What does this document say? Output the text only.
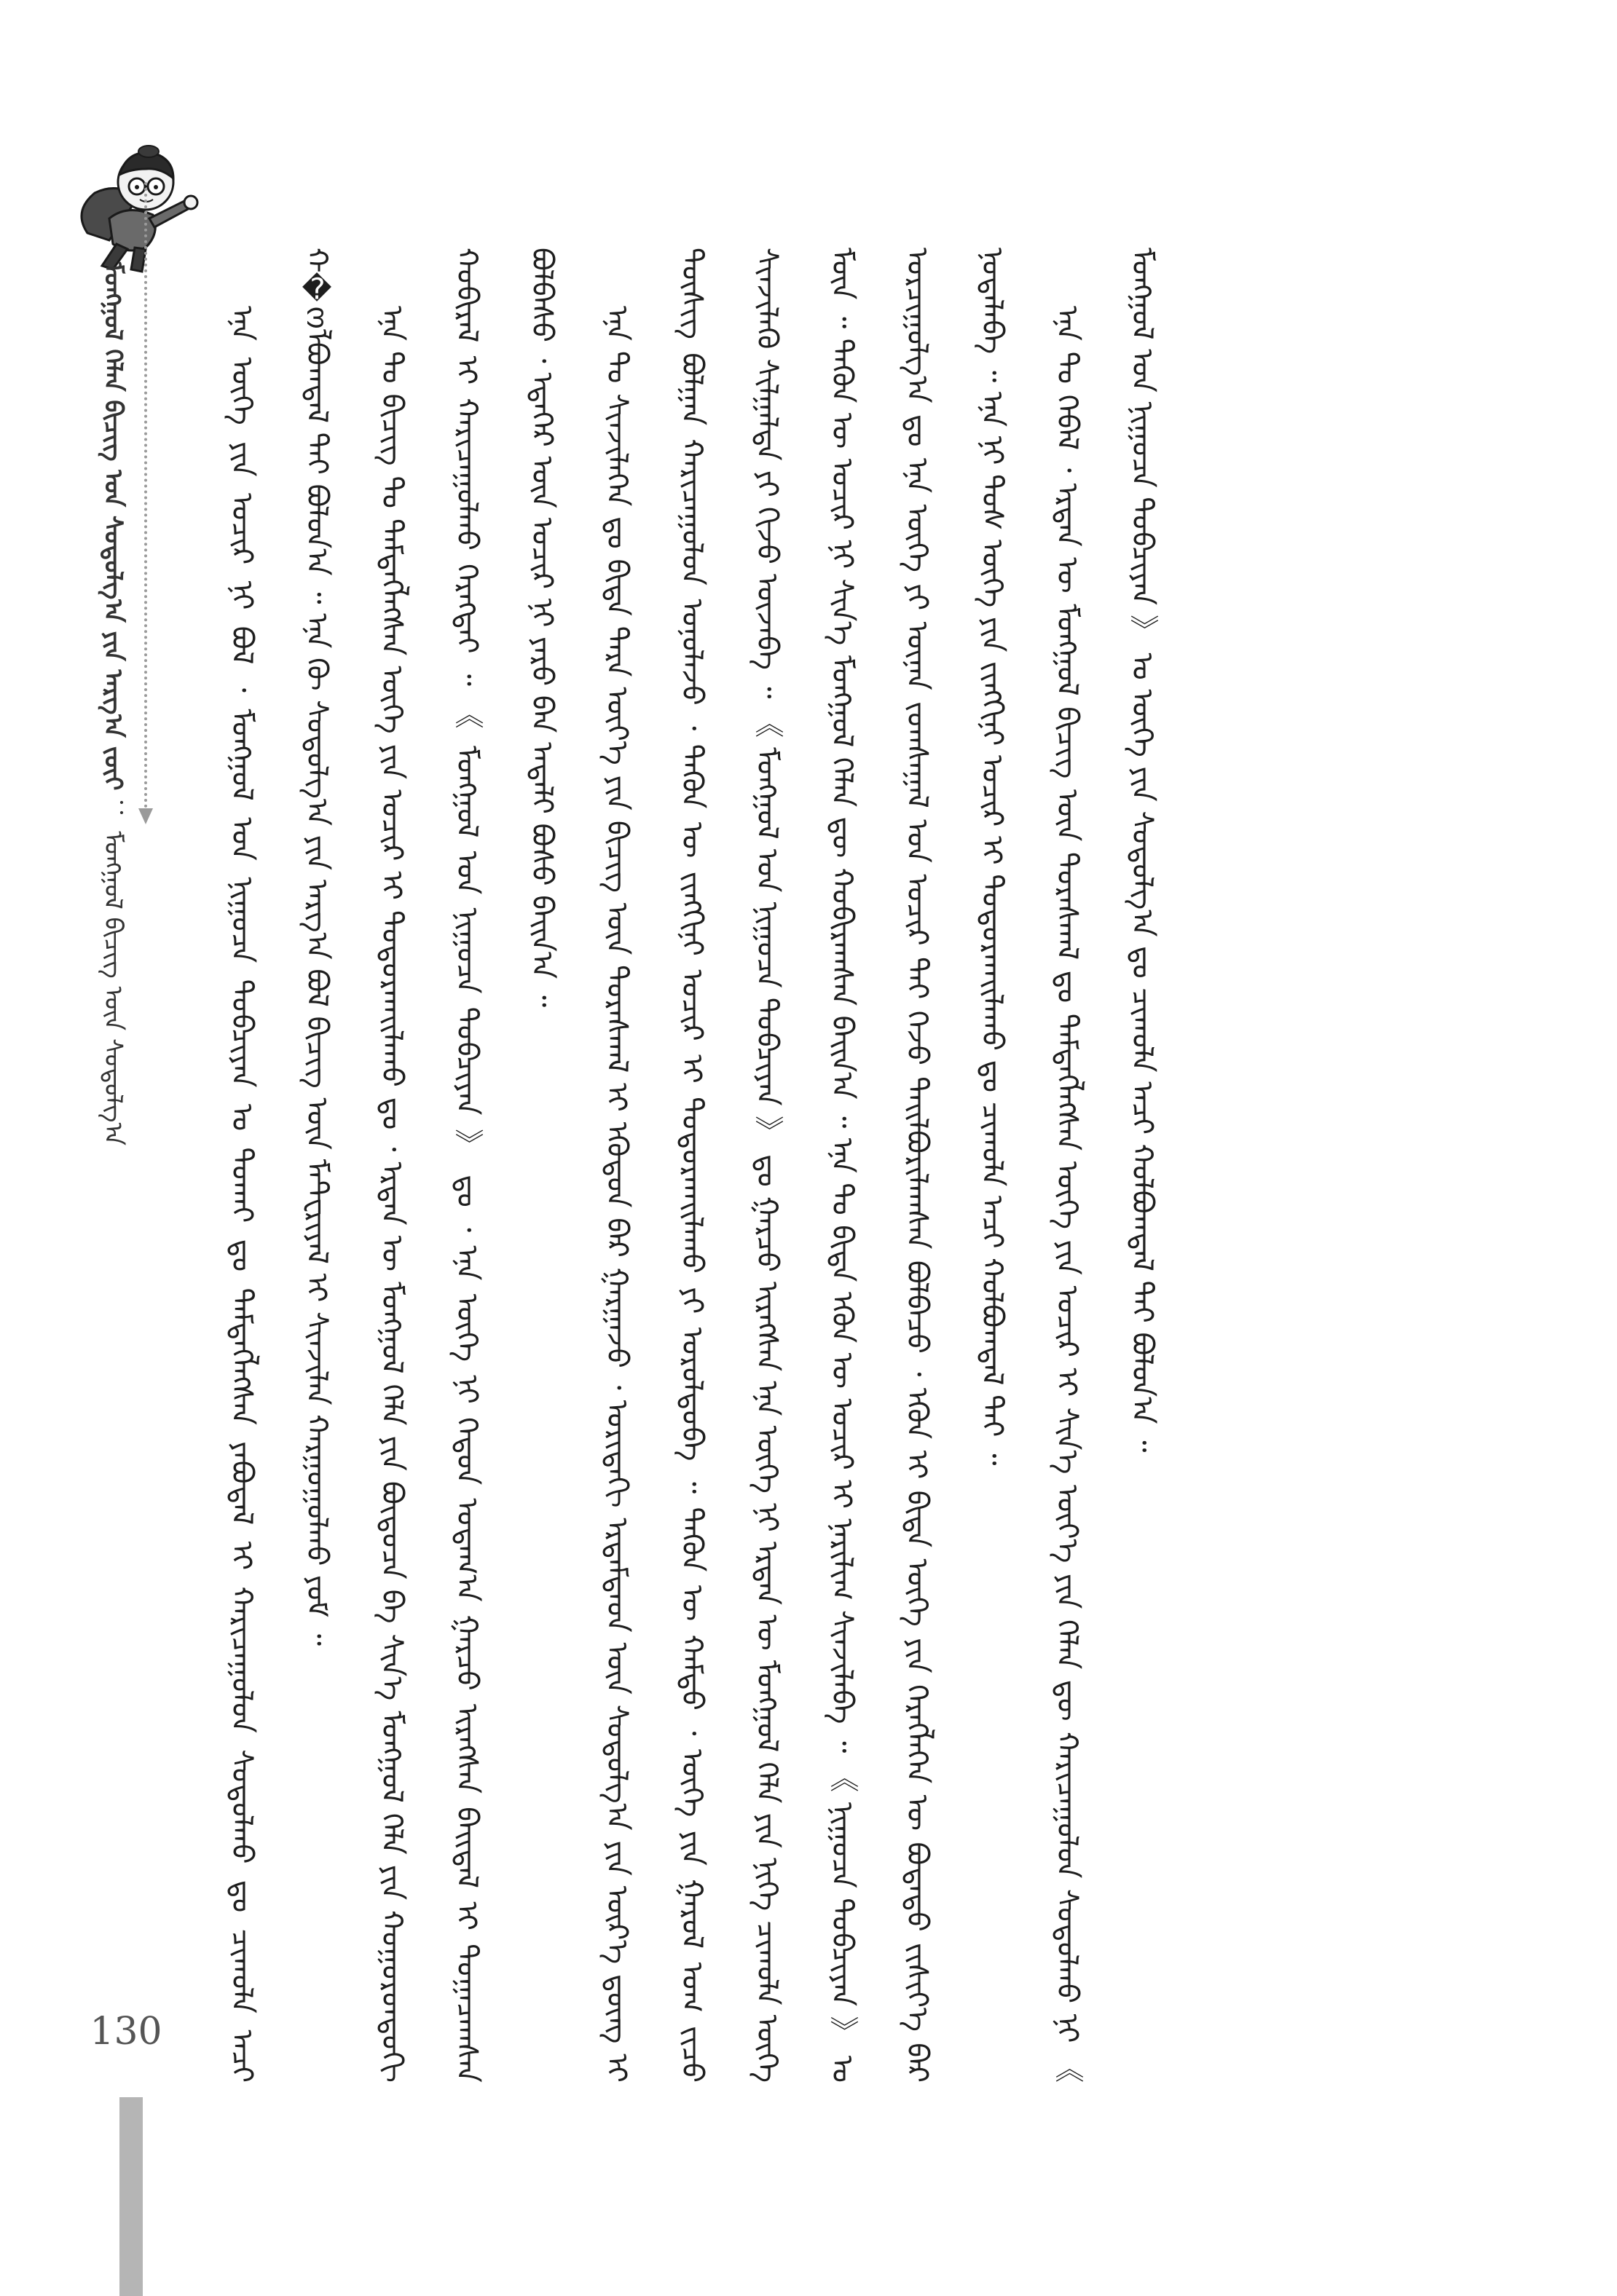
ᠮᠣᠩᠭᠣᠯ ᠬᠡᠯᠡᠨ ᠪᠢᠴᠢᠭ ᠤᠨ ᠰᠤᠳᠤᠯᠭ᠎ᠠ ᠶᠢᠨ ᠠᠷᠭ᠎ᠠ ᠵᠦᠢ ： ᠮᠣᠩᠭᠣᠯ ᠪᠢᠴᠢᠭ ᠦᠨ ᠰᠤᠳᠤᠯᠭ᠎ᠠ	ᠡᠨᠡ ᠦᠭᠡ ᠶᠢᠨ ᠤᠴᠢᠷ ᠨᠢ ᠪᠣᠯ ᠂ ᠮᠣᠩᠭᠣᠯ ᠤᠨ ᠨᠢᠭᠤᠴᠠ ᠲᠣᠪᠴᠢᠶᠠᠨ ᠤ ᠲᠤᠬᠠᠢ ᠳᠤ ᠲᠡᠮᠳᠡᠭᠯᠡᠭᠰᠡᠨ ᠶᠠᠪᠤᠳᠠᠯ ᠢ ᠬᠠᠷᠢᠴᠠᠭᠤᠯᠤᠨ ᠰᠤᠳᠤᠯᠬᠤ ᠳᠤ ᠴᠢᠬᠤᠯᠠ ᠠᠴᠢ ᠬ�ოᠯᠪᠣᠭᠳᠠᠯ ᠲᠠᠢ ᠪᠣᠯᠤᠨ᠎ᠠ ᠃ ᠡᠨᠡ ᠬᠦ ᠰᠤᠳᠤᠯᠭ᠎ᠠ ᠶᠢᠨ ᠠᠷᠭ᠎ᠠ ᠪᠣᠯ ᠪᠢᠴᠢᠭ ᠦᠨ ᠮᠠᠲ᠋ᠧᠷᠢᠶᠠᠯ ᠢ ᠰᠢᠨᠵᠢᠯᠡᠨ ᠬᠠᠷᠭᠤᠭᠤᠯᠬᠤ ᠶᠤᠮ ᠃	ᠡᠨᠡ ᠲᠤ ᠪᠢᠴᠢᠭ ᠲᠤ ᠲᠡᠮᠳᠡᠭᠯᠡᠭᠰᠡᠨ ᠦᠭᠡ ᠶᠢᠨ ᠤᠴᠢᠷ ᠢ ᠲᠣᠳᠤᠷᠬᠠᠢᠯᠠᠬᠤ ᠳᠤ ᠂ ᠡᠷᠲᠡᠨ ᠦ ᠮᠣᠩᠭᠣᠯ ᠬᠡᠯᠡ ᠶᠢᠨ ᠪᠦᠲᠦᠴᠡ ᠪᠠ ᠰᠢᠨ᠎ᠡ ᠮᠣᠩᠭᠣᠯ ᠬᠡᠯᠡ ᠶᠢᠨ ᠬᠣᠭᠣᠷᠤᠨᠳᠤᠬᠢ ᠬᠤᠪᠢᠷᠠᠯ ᠢ ᠬᠠᠷᠢᠴᠠᠭᠤᠯᠬᠤ ᠬᠡᠷᠡᠭᠲᠡᠢ ᠃ 《 ᠮᠣᠩᠭᠣᠯ ᠤᠨ ᠨᠢᠭᠤᠴᠠ ᠲᠣᠪᠴᠢᠶᠠᠨ 》 ᠳᠤ ᠂ ᠡᠨᠡ ᠦᠭᠡ ᠨᠢ ᠬᠡᠳᠦᠨ ᠤᠳᠠᠭ᠎ᠠ ᠭᠠᠷᠴᠤ ᠢᠷᠡᠭᠰᠡᠨ ᠪᠠᠢᠳᠠᠯ ᠢ ᠲᠣᠭᠠᠴᠠᠭᠰᠠᠨ ᠪᠣᠯᠪᠠᠰᠤ ᠂ ᠡᠳᠡᠭᠡᠷ ᠦᠨ ᠤᠴᠢᠷ ᠨᠢ ᠶᠡᠷᠦ ᠪᠡᠨ ᠠᠳᠠᠯᠢ ᠪᠤᠰᠤ ᠪᠠᠢᠨ᠎ᠠ ᠃	ᠡᠨᠡ ᠲᠤ ᠰᠢᠨᠵᠢᠯᠡᠭᠡᠨ ᠳᠤ ᠪᠢᠳᠡ ᠲᠡᠷᠡ ᠦᠶ᠎ᠡ ᠶᠢᠨ ᠪᠢᠴᠢᠭ ᠦᠨ ᠳᠤᠷᠠᠰᠬᠠᠯ ᠢ ᠡᠭᠦᠳᠦᠨ ᠪᠡᠷ ᠭᠠᠷᠭᠠᠵᠤ ᠂ ᠤᠷᠢᠳᠠᠬᠢ ᠡᠷᠳᠡᠮᠲᠡᠳ ᠦᠨ ᠰᠤᠳᠤᠯᠭ᠎ᠠ ᠶᠢᠨ ᠦᠷ᠎ᠡ ᠳ᠋ᠦᠩ ᠢ ᠲᠦᠰᠢᠭ ᠪᠣᠯᠭᠠᠨ ᠬᠠᠷᠢᠴᠠᠭᠤᠯᠤᠨ ᠣᠨᠣᠯᠠᠵᠤ ᠂ ᠲᠡᠭᠦᠨ ᠦ ᠵᠢᠩᠬᠢᠨᠢ ᠤᠴᠢᠷ ᠢ ᠲᠣᠳᠤᠷᠬᠠᠢᠯᠠᠬᠤ ᠶᠢ ᠣᠷᠣᠯᠳᠤᠪᠠ ᠃ ᠲᠡᠭᠦᠨ ᠦ ᠬᠠᠮᠲᠤ ᠂ ᠦᠭᠡ ᠶᠢᠨ ᠭᠠᠷᠤᠯ ᠤᠭ ᠵᠢᠴᠤ ᠰᠢᠨᠵᠢᠯᠡᠬᠦ ᠰᠢᠯᠭᠠᠯᠲᠠ ᠶᠢ ᠬᠢᠵᠦ ᠦᠵᠡᠪᠡ ᠃ 《 ᠮᠣᠩᠭᠣᠯ ᠤᠨ ᠨᠢᠭᠤᠴᠠ ᠲᠣᠪᠴᠢᠶᠠᠨ 》 ᠳᠤ ᠭᠠᠷᠴᠤ ᠢᠷᠡᠭᠰᠡᠨ ᠡᠨᠡ ᠦᠭᠡ ᠨᠢ ᠡᠷᠲᠡᠨ ᠦ ᠮᠣᠩᠭᠣᠯ ᠬᠡᠯᠡ ᠶᠢᠨ ᠨᠢᠭᠡ ᠴᠢᠬᠤᠯᠠ ᠦᠭᠡ ᠮᠥᠨ ᠃ ᠲᠡᠭᠦᠨ ᠦ ᠤᠴᠢᠷ ᠨᠢ ᠰᠢᠨ᠎ᠡ ᠮᠣᠩᠭᠣᠯ ᠬᠡᠯᠡᠨ ᠳᠦ ᠬᠤᠪᠢᠷᠠᠭᠰᠠᠨ ᠪᠠᠢᠨ᠎ᠠ ᠃ ᠡᠨᠡ ᠲᠤ ᠪᠢᠳᠡ ᠡᠭᠦᠨ ᠦ ᠤᠴᠢᠷ ᠢ ᠨᠠᠷᠢᠯᠢᠭ ᠰᠢᠨᠵᠢᠯᠡᠪᠡ ᠃ 《 ᠨᠢᠭᠤᠴᠠ ᠲᠣᠪᠴᠢᠶᠠᠨ 》 ᠤ ᠣᠷᠴᠢᠭᠤᠯᠭ᠎ᠠ ᠳᠤ ᠡᠨᠡ ᠦᠭᠡ ᠶᠢ ᠦᠨᠡᠨ ᠵᠣᠭᠰᠠᠭᠠᠯ ᠤᠨ ᠤᠴᠢᠷ ᠲᠠᠢ ᠭᠡᠵᠦ ᠲᠠᠢᠯᠪᠤᠷᠢᠯᠠᠭᠰᠠᠨ ᠪᠣᠯᠪᠠᠴᠤ ᠂ ᠡᠭᠦᠨ ᠢ ᠪᠢᠳᠡ ᠦᠭᠡ ᠶᠢᠨ ᠬᠡᠷᠡᠭᠯᠡᠭᠡᠨ ᠦ ᠪᠣᠳᠠᠲᠤ ᠵᠢᠱᠢᠶ᠎ᠡ ᠪᠡᠷ ᠨᠣᠲᠠᠯᠠᠪᠠ ᠃ ᠡᠨᠡ ᠨᠢ ᠲᠤᠰ ᠦᠭᠡ ᠶᠢᠨ ᠵᠢᠩᠬᠢᠨᠢ ᠤᠴᠢᠷ ᠢ ᠲᠣᠳᠤᠷᠬᠠᠢᠯᠠᠬᠤ ᠳᠤ ᠴᠢᠬᠤᠯᠠ ᠠᠴᠢ ᠬᠣᠯᠪᠣᠭᠳᠠᠯ ᠲᠠᠢ ᠃	ᠡᠨᠡ ᠲᠤ ᠭᠡᠪᠡᠯ ᠂ ᠡᠷᠲᠡᠨ ᠦ ᠮᠣᠩᠭᠣᠯ ᠪᠢᠴᠢᠭ ᠦᠨ ᠳᠤᠷᠠᠰᠬᠠᠯ ᠳᠤ ᠲᠡᠮᠳᠡᠭᠯᠡᠭᠰᠡᠨ ᠦᠭᠡ ᠶᠢᠨ ᠤᠴᠢᠷ ᠢ ᠰᠢᠨ᠎ᠡ ᠦᠶ᠎ᠡ ᠶᠢᠨ ᠬᠡᠯᠡᠨ ᠳᠦ ᠬᠠᠷᠢᠴᠠᠭᠤᠯᠤᠨ ᠰᠤᠳᠤᠯᠬᠤ ᠨᠢ 《 ᠮᠣᠩᠭᠣᠯ ᠤᠨ ᠨᠢᠭᠤᠴᠠ ᠲᠣᠪᠴᠢᠶᠠᠨ 》 ᠤ ᠦᠭᠡ ᠶᠢᠨ ᠰᠤᠳᠤᠯᠭ᠎ᠠ ᠳᠤ ᠴᠢᠬᠤᠯᠠ ᠠᠴᠢ ᠬᠣᠯᠪᠣᠭᠳᠠᠯ ᠲᠠᠢ ᠪᠣᠯᠤᠨ᠎ᠠ ᠃

130
